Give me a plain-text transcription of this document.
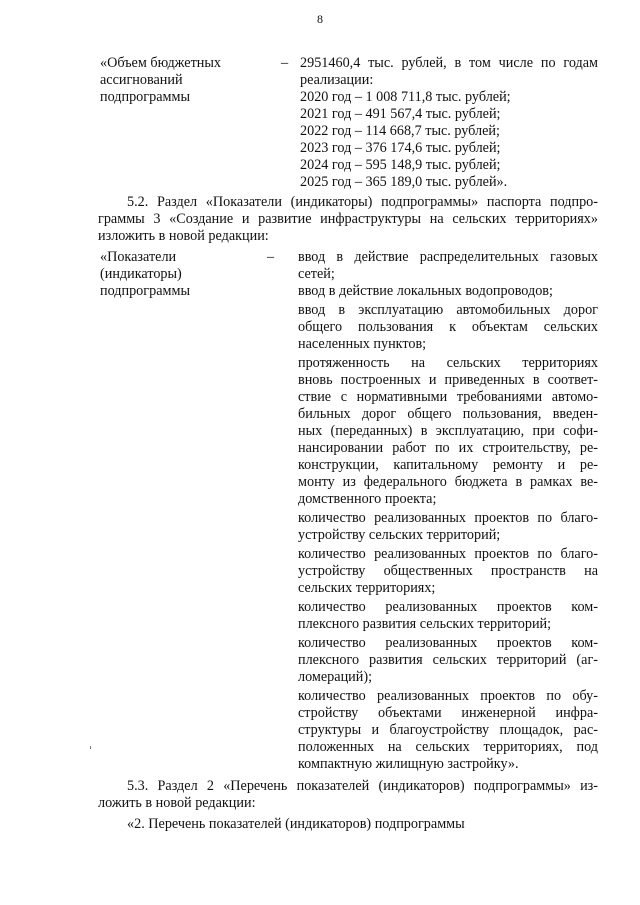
8
«Объем бюджетных
ассигнований
подпрограммы
– 2951460,4 тыс. рублей, в том числе по годам
реализации:
2020 год – 1 008 711,8 тыс. рублей;
2021 год – 491 567,4 тыс. рублей;
2022 год – 114 668,7 тыс. рублей;
2023 год – 376 174,6 тыс. рублей;
2024 год – 595 148,9 тыс. рублей;
2025 год – 365 189,0 тыс. рублей».
5.2. Раздел «Показатели (индикаторы) подпрограммы» паспорта подпро-
граммы 3 «Создание и развитие инфраструктуры на сельских территориях»
изложить в новой редакции:
«Показатели
(индикаторы)
подпрограммы
– ввод в действие распределительных газовых
сетей;
ввод в действие локальных водопроводов;
ввод в эксплуатацию автомобильных дорог
общего пользования к объектам сельских
населенных пунктов;
протяженность на сельских территориях
вновь построенных и приведенных в соответ-
ствие с нормативными требованиями автомо-
бильных дорог общего пользования, введен-
ных (переданных) в эксплуатацию, при софи-
нансировании работ по их строительству, ре-
конструкции, капитальному ремонту и ре-
монту из федерального бюджета в рамках ве-
домственного проекта;
количество реализованных проектов по благо-
устройству сельских территорий;
количество реализованных проектов по благо-
устройству общественных пространств на
сельских территориях;
количество реализованных проектов ком-
плексного развития сельских территорий;
количество реализованных проектов ком-
плексного развития сельских территорий (аг-
ломераций);
количество реализованных проектов по обу-
стройству объектами инженерной инфра-
структуры и благоустройству площадок, рас-
положенных на сельских территориях, под
компактную жилищную застройку».
5.3. Раздел 2 «Перечень показателей (индикаторов) подпрограммы» из-
ложить в новой редакции:
«2. Перечень показателей (индикаторов) подпрограммы
